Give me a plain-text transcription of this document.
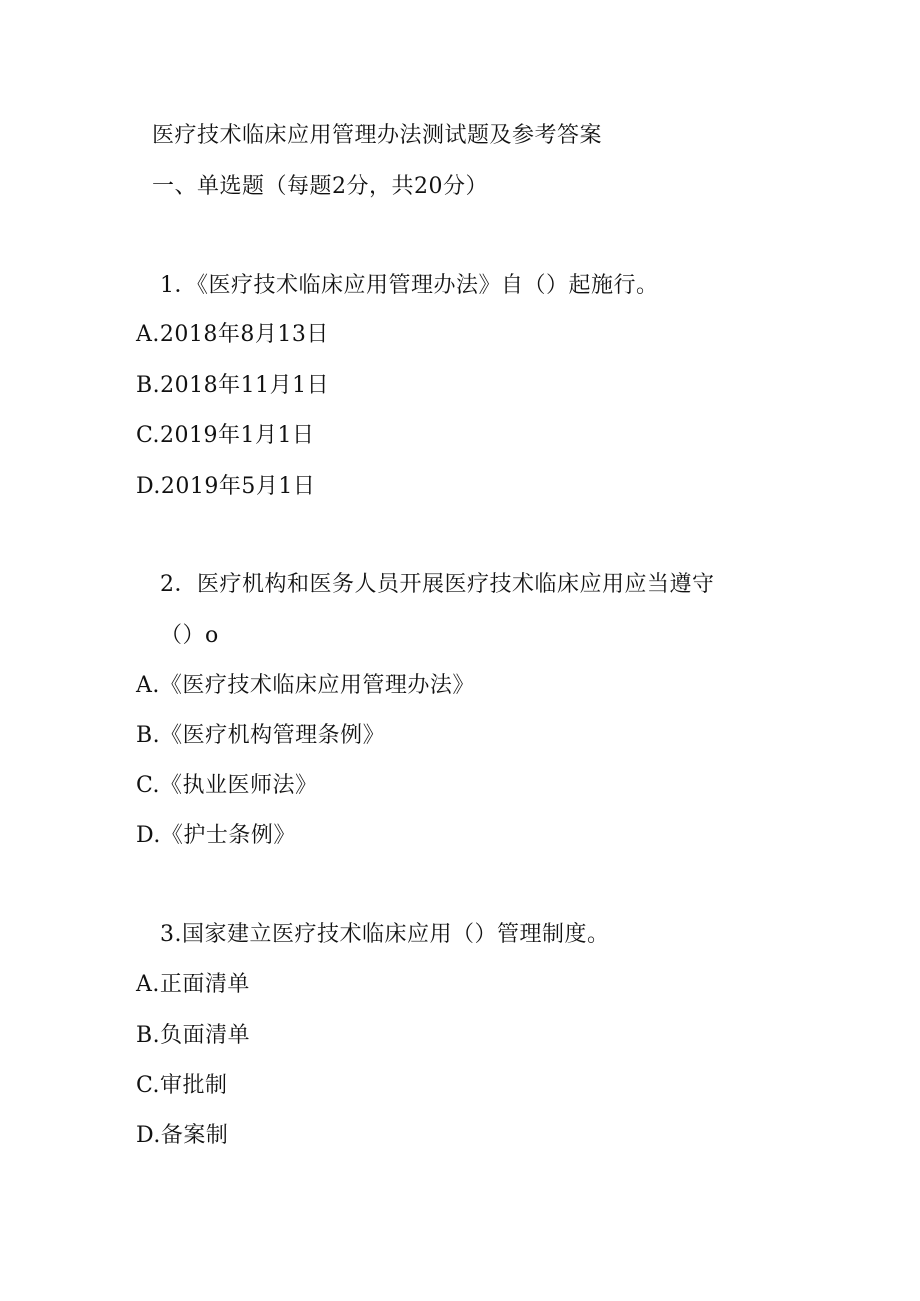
医疗技术临床应用管理办法测试题及参考答案
一、单选题（每题2分，共20分）
1．《医疗技术临床应用管理办法》自（）起施行。
A.2018年8月13日
B.2018年11月1日
C.2019年1月1日
D.2019年5月1日
2．医疗机构和医务人员开展医疗技术临床应用应当遵守
（）o
A.《医疗技术临床应用管理办法》
B.《医疗机构管理条例》
C.《执业医师法》
D.《护士条例》
3.国家建立医疗技术临床应用（）管理制度。
A.正面清单
B.负面清单
C.审批制
D.备案制
